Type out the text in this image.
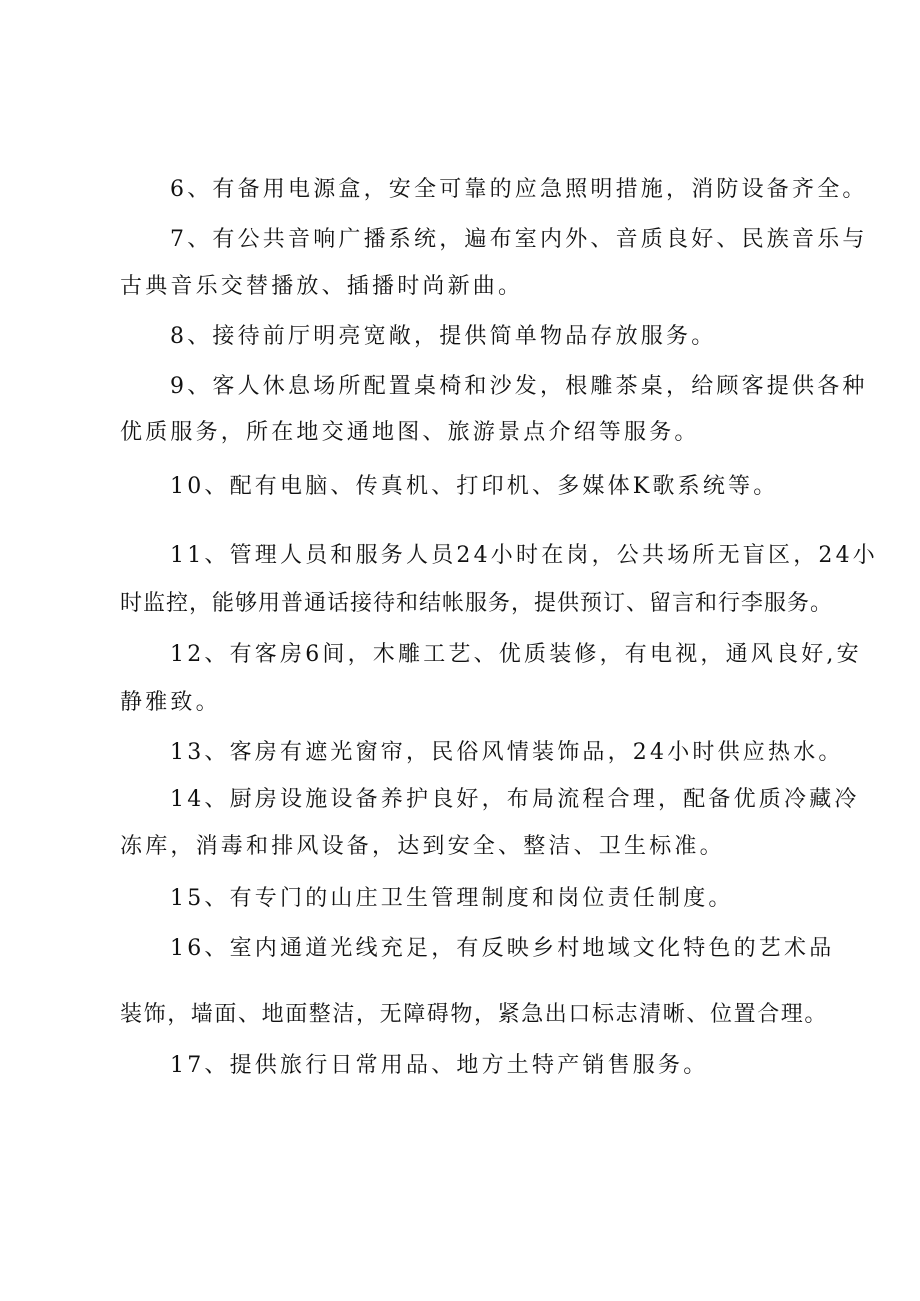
6、有备用电源盒，安全可靠的应急照明措施，消防设备齐全。
7、有公共音响广播系统，遍布室内外、音质良好、民族音乐与
古典音乐交替播放、插播时尚新曲。
8、接待前厅明亮宽敞，提供简单物品存放服务。
9、客人休息场所配置桌椅和沙发，根雕茶桌，给顾客提供各种
优质服务，所在地交通地图、旅游景点介绍等服务。
10、配有电脑、传真机、打印机、多媒体K歌系统等。
11、管理人员和服务人员24小时在岗，公共场所无盲区，24小
时监控，能够用普通话接待和结帐服务，提供预订、留言和行李服务。
12、有客房6间，木雕工艺、优质装修，有电视，通风良好,安
静雅致。
13、客房有遮光窗帘，民俗风情装饰品，24小时供应热水。
14、厨房设施设备养护良好，布局流程合理，配备优质冷藏冷
冻库，消毒和排风设备，达到安全、整洁、卫生标准。
15、有专门的山庄卫生管理制度和岗位责任制度。
16、室内通道光线充足，有反映乡村地域文化特色的艺术品
装饰，墙面、地面整洁，无障碍物，紧急出口标志清晰、位置合理。
17、提供旅行日常用品、地方土特产销售服务。
